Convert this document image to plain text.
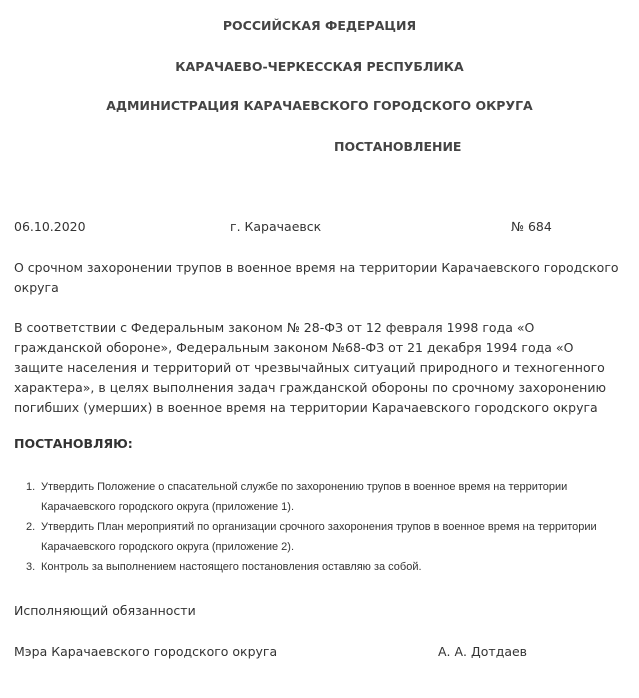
РОССИЙСКАЯ ФЕДЕРАЦИЯ
КАРАЧАЕВО-ЧЕРКЕССКАЯ РЕСПУБЛИКА
АДМИНИСТРАЦИЯ КАРАЧАЕВСКОГО ГОРОДСКОГО ОКРУГА
ПОСТАНОВЛЕНИЕ
06.10.2020	г. Карачаевск	№ 684
О срочном захоронении трупов в военное время на территории Карачаевского городского округа
В соответствии с Федеральным законом № 28-ФЗ от 12 февраля 1998 года «О гражданской обороне», Федеральным законом №68-ФЗ от 21 декабря 1994 года «О защите населения и территорий от чрезвычайных ситуаций природного и техногенного характера», в целях выполнения задач гражданской обороны по срочному захоронению погибших (умерших) в военное время на территории Карачаевского городского округа
ПОСТАНОВЛЯЮ:
1. Утвердить Положение о спасательной службе по захоронению трупов в военное время на территории Карачаевского городского округа (приложение 1).
2. Утвердить План мероприятий по организации срочного захоронения трупов в военное время на территории Карачаевского городского округа (приложение 2).
3. Контроль за выполнением настоящего постановления оставляю за собой.
Исполняющий обязанности
Мэра Карачаевского городского округа	А. А. Дотдаев
